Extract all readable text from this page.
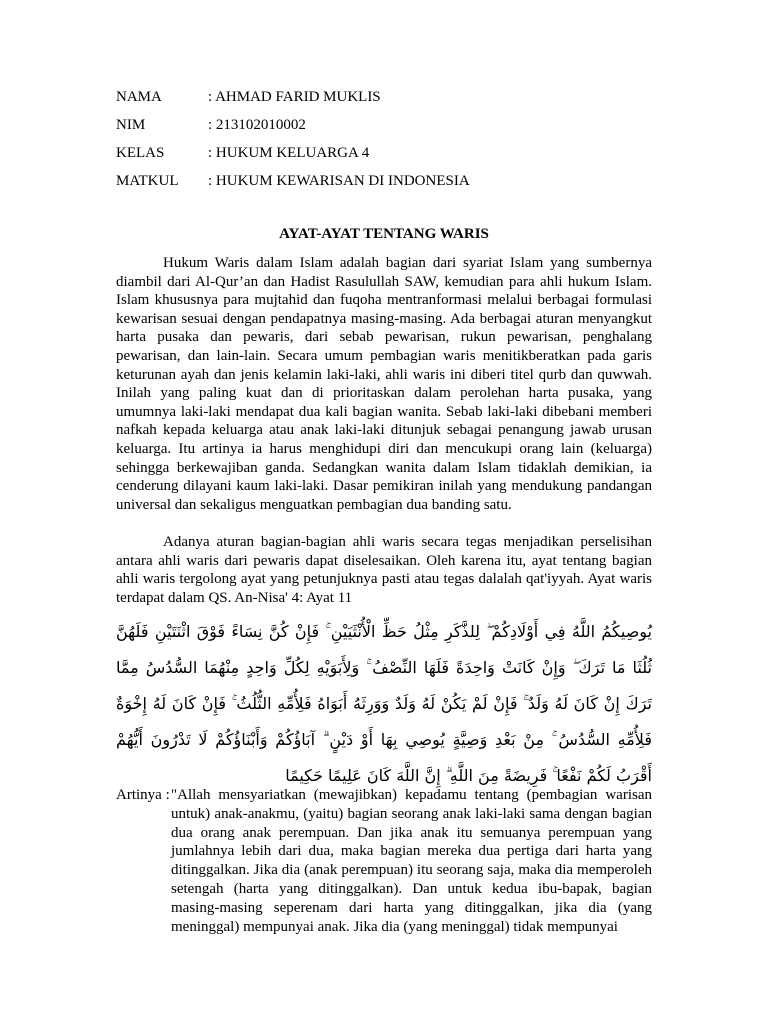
NAMA	: AHMAD FARID MUKLIS
NIM	: 213102010002
KELAS	: HUKUM KELUARGA 4
MATKUL	: HUKUM KEWARISAN DI INDONESIA
AYAT-AYAT TENTANG WARIS

Hukum Waris dalam Islam adalah bagian dari syariat Islam yang sumbernya diambil dari Al-Qur’an dan Hadist Rasulullah SAW, kemudian para ahli hukum Islam. Islam khususnya para mujtahid dan fuqoha mentranformasi melalui berbagai formulasi kewarisan sesuai dengan pendapatnya masing-masing. Ada berbagai aturan menyangkut harta pusaka dan pewaris, dari sebab pewarisan, rukun pewarisan, penghalang pewarisan, dan lain-lain. Secara umum pembagian waris menitikberatkan pada garis keturunan ayah dan jenis kelamin laki-laki, ahli waris ini diberi titel qurb dan quwwah. Inilah yang paling kuat dan di prioritaskan dalam perolehan harta pusaka, yang umumnya laki-laki mendapat dua kali bagian wanita. Sebab laki-laki dibebani memberi nafkah kepada keluarga atau anak laki-laki ditunjuk sebagai penangung jawab urusan keluarga. Itu artinya ia harus menghidupi diri dan mencukupi orang lain (keluarga) sehingga berkewajiban ganda. Sedangkan wanita dalam Islam tidaklah demikian, ia cenderung dilayani kaum laki-laki. Dasar pemikiran inilah yang mendukung pandangan universal dan sekaligus menguatkan pembagian dua banding satu.

Adanya aturan bagian-bagian ahli waris secara tegas menjadikan perselisihan antara ahli waris dari pewaris dapat diselesaikan. Oleh karena itu, ayat tentang bagian ahli waris tergolong ayat yang petunjuknya pasti atau tegas dalalah qat'iyyah. Ayat waris terdapat dalam QS. An-Nisa' 4: Ayat 11

يُوصِيكُمُ اللَّهُ فِي أَوْلَادِكُمْ ۖ لِلذَّكَرِ مِثْلُ حَظِّ الْأُنْثَيَيْنِ ۚ فَإِنْ كُنَّ نِسَاءً فَوْقَ اثْنَتَيْنِ فَلَهُنَّ ثُلُثَا مَا تَرَكَ ۖ وَإِنْ كَانَتْ وَاحِدَةً فَلَهَا النِّصْفُ ۚ وَلِأَبَوَيْهِ لِكُلِّ وَاحِدٍ مِنْهُمَا السُّدُسُ مِمَّا تَرَكَ إِنْ كَانَ لَهُ وَلَدٌ ۚ فَإِنْ لَمْ يَكُنْ لَهُ وَلَدٌ وَوَرِثَهُ أَبَوَاهُ فَلِأُمِّهِ الثُّلُثُ ۚ فَإِنْ كَانَ لَهُ إِخْوَةٌ فَلِأُمِّهِ السُّدُسُ ۚ مِنْ بَعْدِ وَصِيَّةٍ يُوصِي بِهَا أَوْ دَيْنٍ ۗ آبَاؤُكُمْ وَأَبْنَاؤُكُمْ لَا تَدْرُونَ أَيُّهُمْ أَقْرَبُ لَكُمْ نَفْعًا ۚ فَرِيضَةً مِنَ اللَّهِ ۗ إِنَّ اللَّهَ كَانَ عَلِيمًا حَكِيمًا
Artinya : "Allah mensyariatkan (mewajibkan) kepadamu tentang (pembagian warisan untuk) anak-anakmu, (yaitu) bagian seorang anak laki-laki sama dengan bagian dua orang anak perempuan. Dan jika anak itu semuanya perempuan yang jumlahnya lebih dari dua, maka bagian mereka dua pertiga dari harta yang ditinggalkan. Jika dia (anak perempuan) itu seorang saja, maka dia memperoleh setengah (harta yang ditinggalkan). Dan untuk kedua ibu-bapak, bagian masing-masing seperenam dari harta yang ditinggalkan, jika dia (yang meninggal) mempunyai anak. Jika dia (yang meninggal) tidak mempunyai
